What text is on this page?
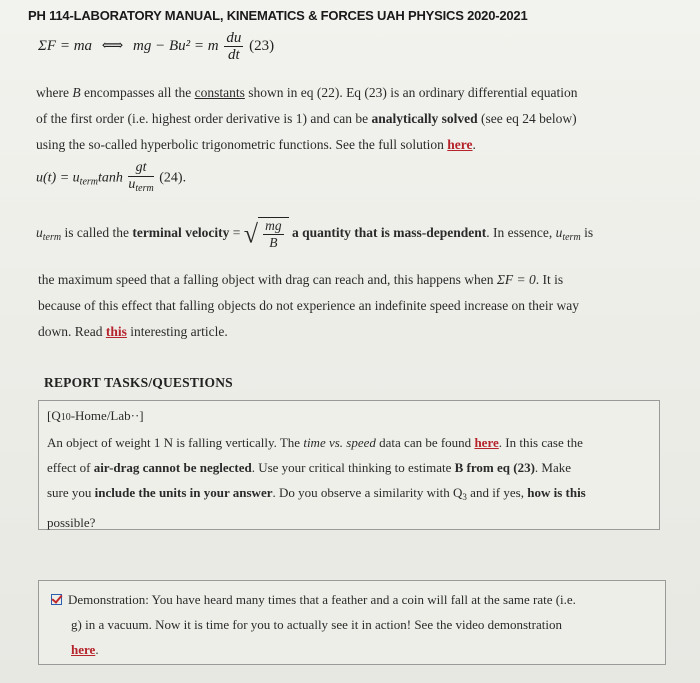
PH 114-LABORATORY MANUAL, KINEMATICS & FORCES UAH PHYSICS 2020-2021
ΣF = ma ⟺ mg − Bu² = m $\frac{du}{dt} (23)$
where B encompasses all the constants shown in eq (22). Eq (23) is an ordinary differential equation
of the first order (i.e. highest order derivative is 1) and can be analytically solved (see eq 24 below)
using the so-called hyperbolic trigonometric functions. See the full solution here.
$u(t) = u_{term}\tanh \frac{gt}{u_{term}} (24)$.
$u_{term}$ is called the terminal velocity = √ $\frac{mg}{B}$ a quantity that is mass-dependent. In essence, $u_{term}$ is
the maximum speed that a falling object with drag can reach and, this happens when ΣF = 0. It is
because of this effect that falling objects do not experience an indefinite speed increase on their way
down. Read this interesting article.
REPORT TASKS/QUESTIONS
[Q10-Home/Lab··]
An object of weight 1 N is falling vertically. The time vs. speed data can be found here. In this case the
effect of air-drag cannot be neglected. Use your critical thinking to estimate B from eq (23). Make
sure you include the units in your answer. Do you observe a similarity with $Q_3$ and if yes, how is this
possible?
Demonstration: You have heard many times that a feather and a coin will fall at the same rate (i.e.
g) in a vacuum. Now it is time for you to actually see it in action! See the video demonstration
here.
